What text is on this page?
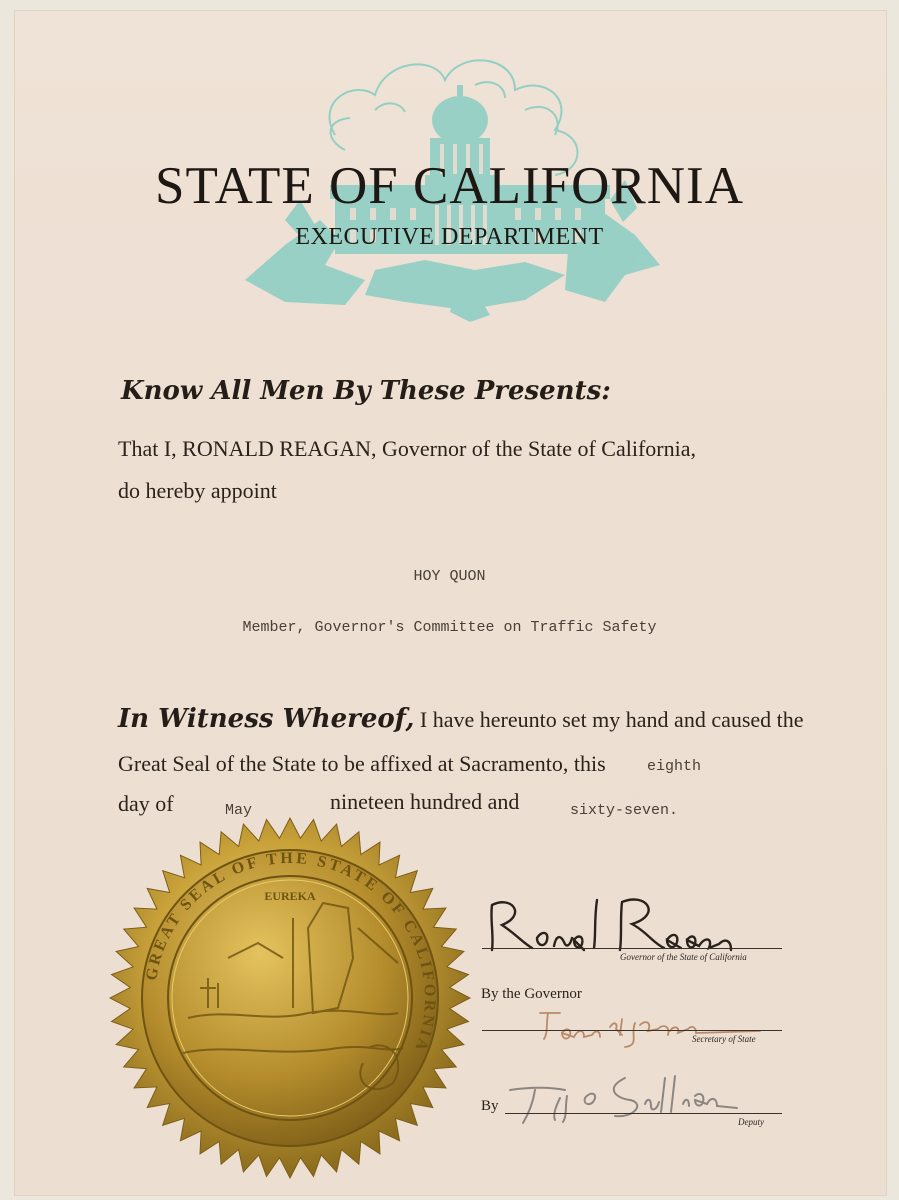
STATE OF CALIFORNIA
EXECUTIVE DEPARTMENT
Know All Men By These Presents:
That I, RONALD REAGAN, Governor of the State of California,
do hereby appoint
HOY QUON
Member, Governor's Committee on Traffic Safety
In Witness Whereof, I have hereunto set my hand and caused the
Great Seal of the State to be affixed at Sacramento, this	eighth
day of	May	nineteen hundred and	sixty-seven.
EUREKA
GREAT SEAL OF THE STATE OF CALIFORNIA
Governor of the State of California
By the Governor
Secretary of State
By
Deputy
